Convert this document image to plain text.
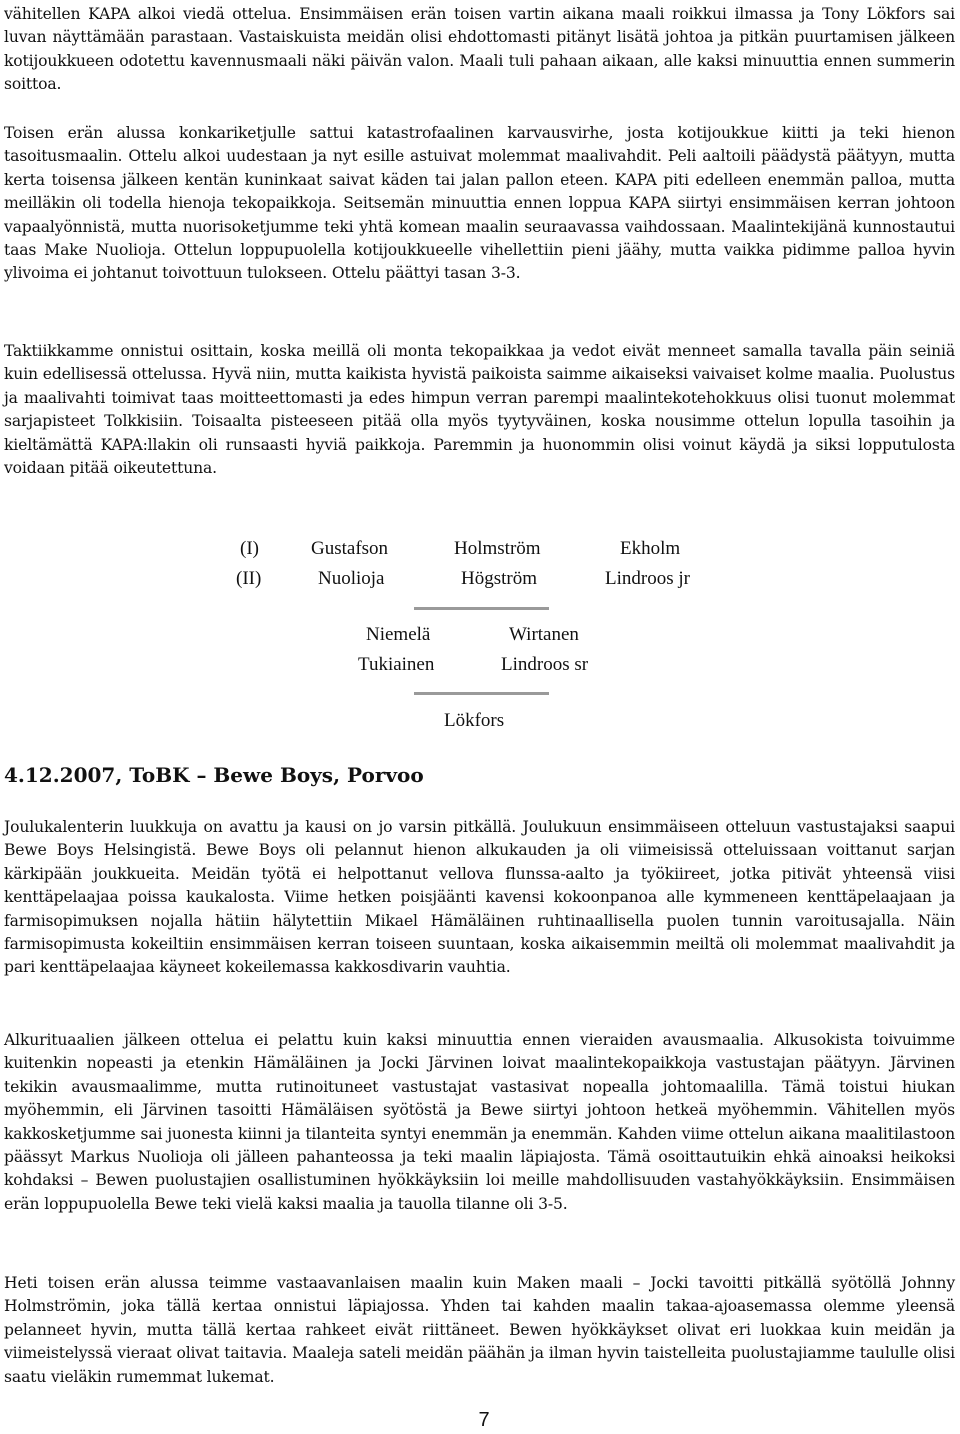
vähitellen KAPA alkoi viedä ottelua. Ensimmäisen erän toisen vartin aikana maali roikkui ilmassa ja Tony Lökfors sai luvan näyttämään parastaan. Vastaiskuista meidän olisi ehdottomasti pitänyt lisätä johtoa ja pitkän puurtamisen jälkeen kotijoukkueen odotettu kavennusmaali näki päivän valon. Maali tuli pahaan aikaan, alle kaksi minuuttia ennen summerin soittoa.

Toisen erän alussa konkariketjulle sattui katastrofaalinen karvausvirhe, josta kotijoukkue kiitti ja teki hienon tasoitusmaalin. Ottelu alkoi uudestaan ja nyt esille astuivat molemmat maalivahdit. Peli aaltoili päädystä päätyyn, mutta kerta toisensa jälkeen kentän kuninkaat saivat käden tai jalan pallon eteen. KAPA piti edelleen enemmän palloa, mutta meilläkin oli todella hienoja tekopaikkoja. Seitsemän minuuttia ennen loppua KAPA siirtyi ensimmäisen kerran johtoon vapaalyönnistä, mutta nuorisoketjumme teki yhtä komean maalin seuraavassa vaihdossaan. Maalintekijänä kunnostautui taas Make Nuolioja. Ottelun loppupuolella kotijoukkueelle vihellettiin pieni jäähy, mutta vaikka pidimme palloa hyvin ylivoima ei johtanut toivottuun tulokseen. Ottelu päättyi tasan 3-3.

Taktiikkamme onnistui osittain, koska meillä oli monta tekopaikkaa ja vedot eivät menneet samalla tavalla päin seiniä kuin edellisessä ottelussa. Hyvä niin, mutta kaikista hyvistä paikoista saimme aikaiseksi vaivaiset kolme maalia. Puolustus ja maalivahti toimivat taas moitteettomasti ja edes himpun verran parempi maalintekotehokkuus olisi tuonut molemmat sarjapisteet Tolkkisiin. Toisaalta pisteeseen pitää olla myös tyytyväinen, koska nousimme ottelun lopulla tasoihin ja kieltämättä KAPA:llakin oli runsaasti hyviä paikkoja. Paremmin ja huonommin olisi voinut käydä ja siksi lopputulosta voidaan pitää oikeutettuna.

(I)	Gustafson	Holmström	Ekholm
(II)	Nuolioja	Högström	Lindroos jr
Niemelä	Wirtanen
Tukiainen	Lindroos sr
Lökfors
4.12.2007, ToBK – Bewe Boys, Porvoo

Joulukalenterin luukkuja on avattu ja kausi on jo varsin pitkällä. Joulukuun ensimmäiseen otteluun vastustajaksi saapui Bewe Boys Helsingistä. Bewe Boys oli pelannut hienon alkukauden ja oli viimeisissä otteluissaan voittanut sarjan kärkipään joukkueita. Meidän työtä ei helpottanut vellova flunssa-aalto ja työkiireet, jotka pitivät yhteensä viisi kenttäpelaajaa poissa kaukalosta. Viime hetken poisjäänti kavensi kokoonpanoa alle kymmeneen kenttäpelaajaan ja farmisopimuksen nojalla hätiin hälytettiin Mikael Hämäläinen ruhtinaallisella puolen tunnin varoitusajalla. Näin farmisopimusta kokeiltiin ensimmäisen kerran toiseen suuntaan, koska aikaisemmin meiltä oli molemmat maalivahdit ja pari kenttäpelaajaa käyneet kokeilemassa kakkosdivarin vauhtia.

Alkurituaalien jälkeen ottelua ei pelattu kuin kaksi minuuttia ennen vieraiden avausmaalia. Alkusokista toivuimme kuitenkin nopeasti ja etenkin Hämäläinen ja Jocki Järvinen loivat maalintekopaikkoja vastustajan päätyyn. Järvinen tekikin avausmaalimme, mutta rutinoituneet vastustajat vastasivat nopealla johtomaalilla. Tämä toistui hiukan myöhemmin, eli Järvinen tasoitti Hämäläisen syötöstä ja Bewe siirtyi johtoon hetkeä myöhemmin. Vähitellen myös kakkosketjumme sai juonesta kiinni ja tilanteita syntyi enemmän ja enemmän. Kahden viime ottelun aikana maalitilastoon päässyt Markus Nuolioja oli jälleen pahanteossa ja teki maalin läpiajosta. Tämä osoittautuikin ehkä ainoaksi heikoksi kohdaksi – Bewen puolustajien osallistuminen hyökkäyksiin loi meille mahdollisuuden vastahyökkäyksiin. Ensimmäisen erän loppupuolella Bewe teki vielä kaksi maalia ja tauolla tilanne oli 3-5.

Heti toisen erän alussa teimme vastaavanlaisen maalin kuin Maken maali – Jocki tavoitti pitkällä syötöllä Johnny Holmströmin, joka tällä kertaa onnistui läpiajossa. Yhden tai kahden maalin takaa-ajoasemassa olemme yleensä pelanneet hyvin, mutta tällä kertaa rahkeet eivät riittäneet. Bewen hyökkäykset olivat eri luokkaa kuin meidän ja viimeistelyssä vieraat olivat taitavia. Maaleja sateli meidän päähän ja ilman hyvin taistelleita puolustajiamme taululle olisi saatu vieläkin rumemmat lukemat.

7
